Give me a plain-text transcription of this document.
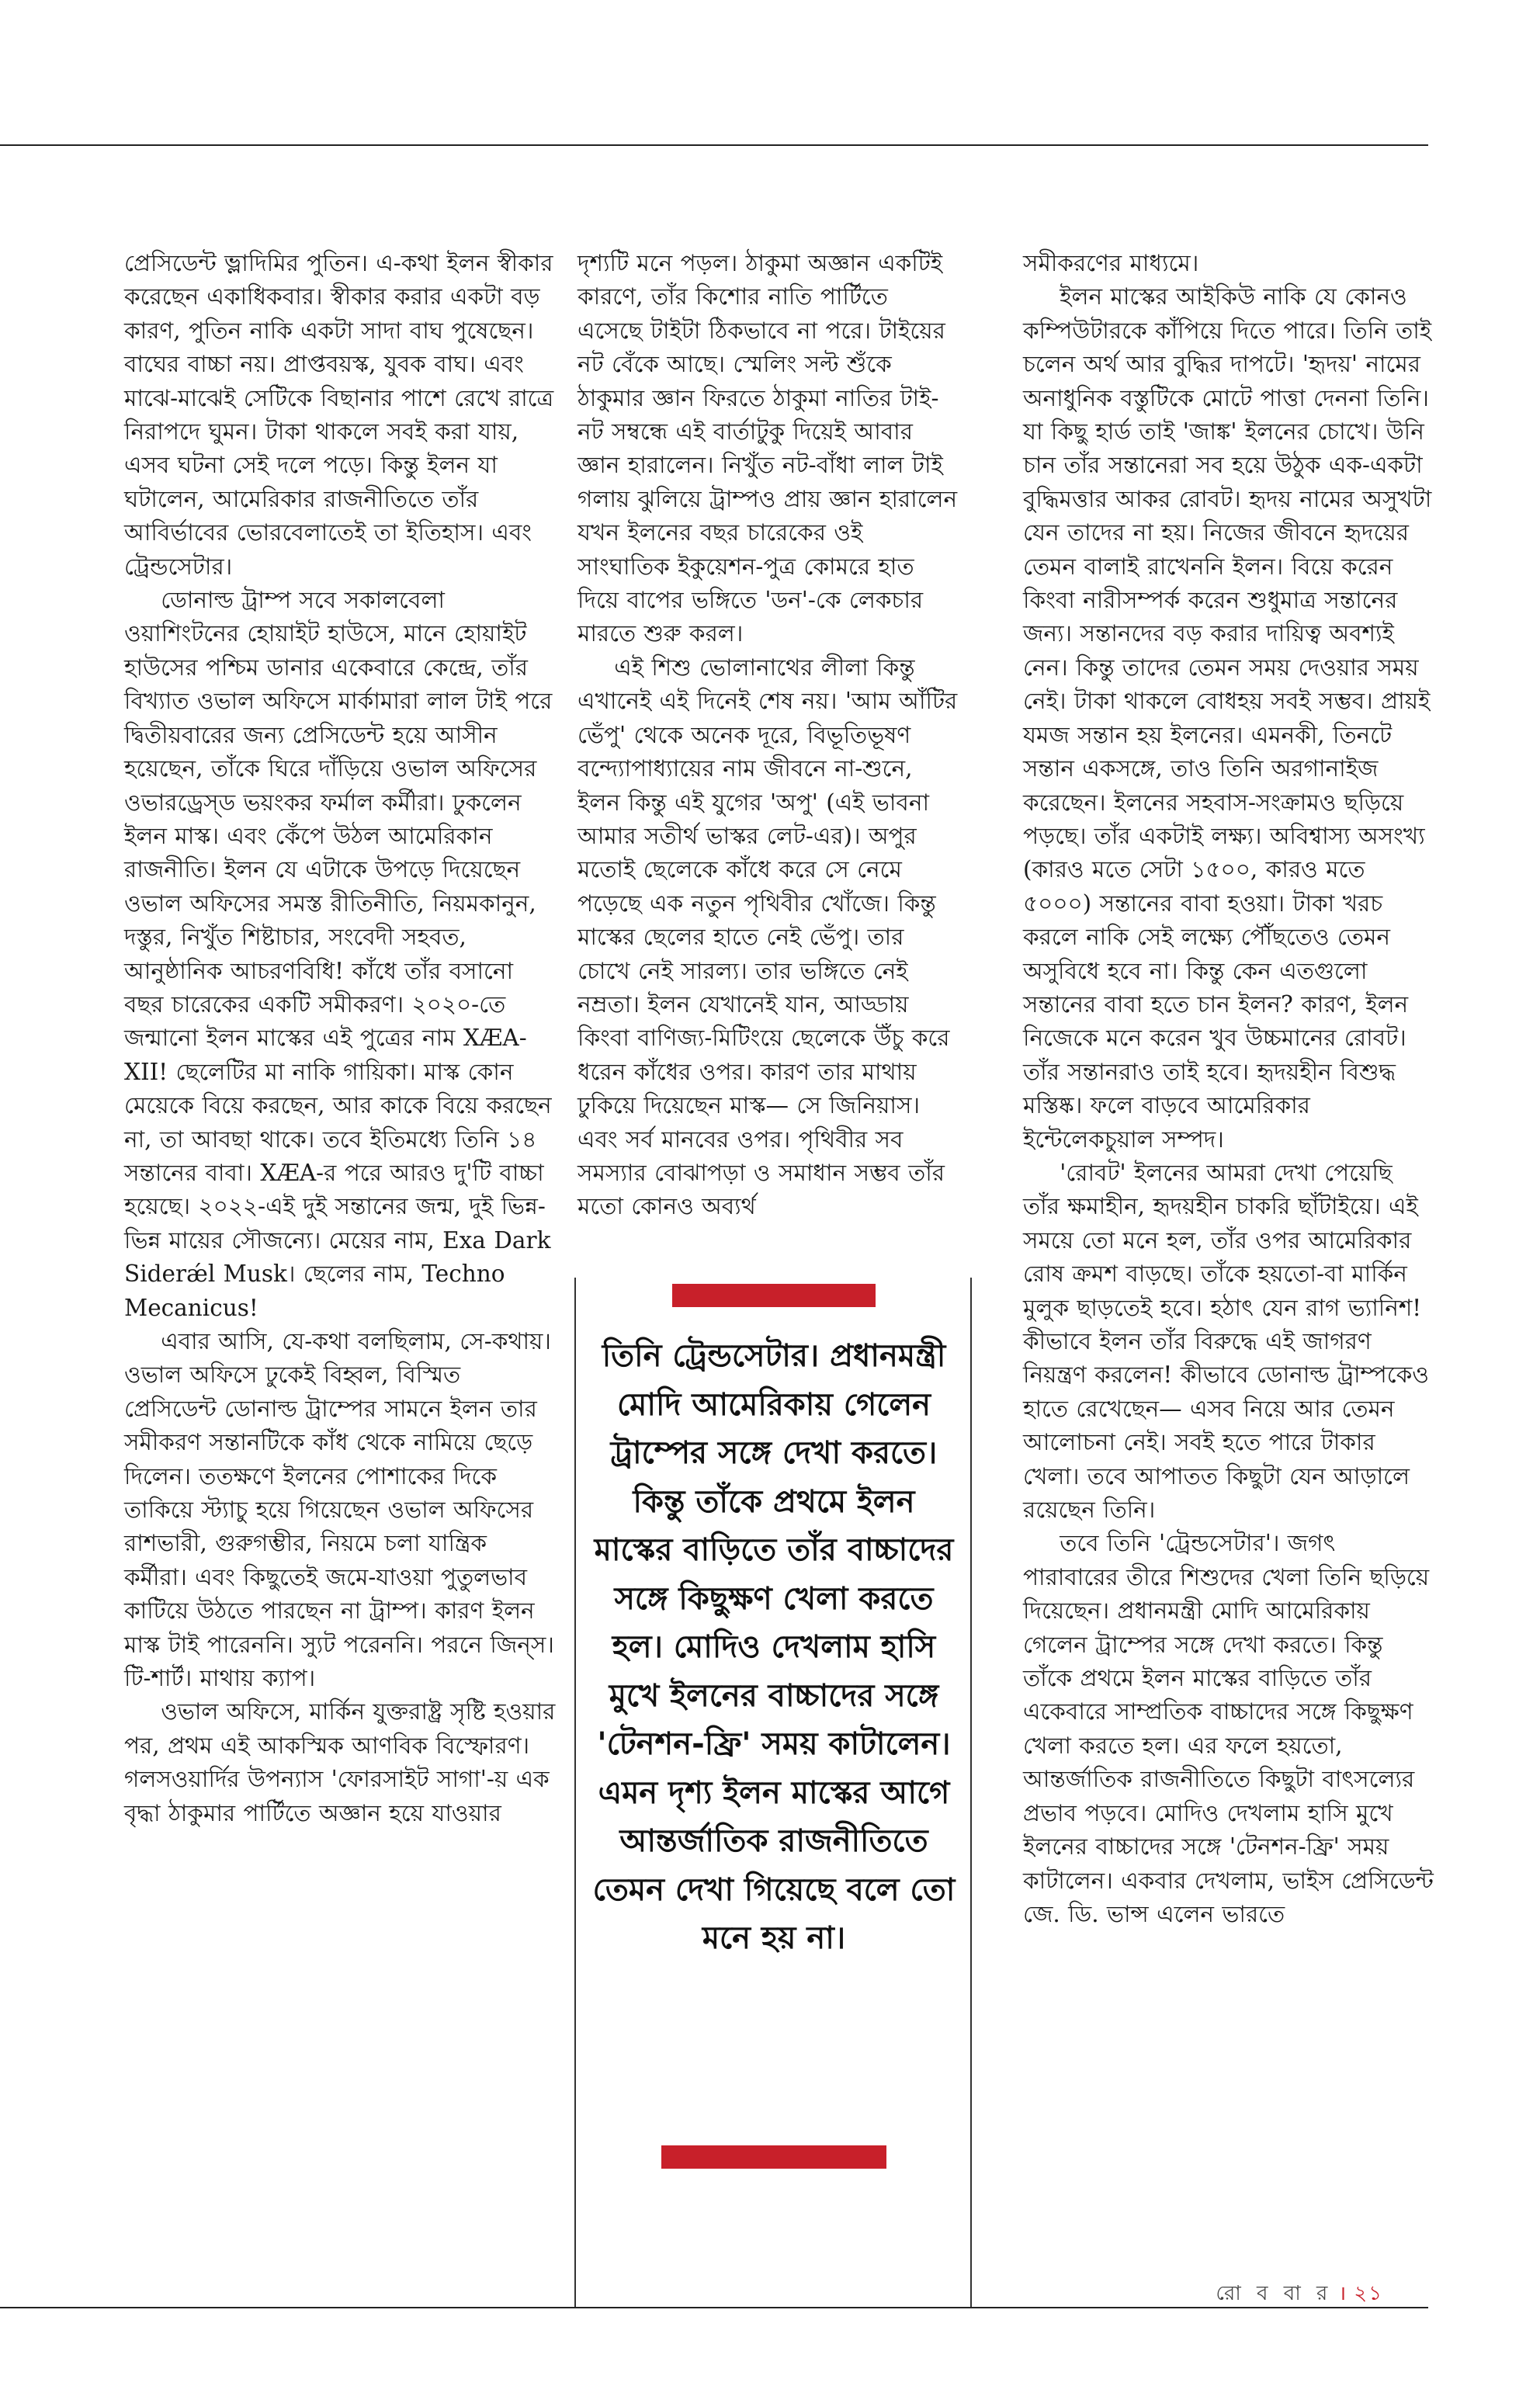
প্রেসিডেন্ট ভ্লাদিমির পুতিন। এ-কথা ইলন স্বীকার করেছেন একাধিকবার। স্বীকার করার একটা বড় কারণ, পুতিন নাকি একটা সাদা বাঘ পুষেছেন। বাঘের বাচ্চা নয়। প্রাপ্তবয়স্ক, যুবক বাঘ। এবং মাঝে-মাঝেই সেটিকে বিছানার পাশে রেখে রাত্রে নিরাপদে ঘুমন। টাকা থাকলে সবই করা যায়, এসব ঘটনা সেই দলে পড়ে। কিন্তু ইলন যা ঘটালেন, আমেরিকার রাজনীতিতে তাঁর আবির্ভাবের ভোরবেলাতেই তা ইতিহাস। এবং ট্রেন্ডসেটার।

ডোনাল্ড ট্রাম্প সবে সকালবেলা ওয়াশিংটনের হোয়াইট হাউসে, মানে হোয়াইট হাউসের পশ্চিম ডানার একেবারে কেন্দ্রে, তাঁর বিখ্যাত ওভাল অফিসে মার্কামারা লাল টাই পরে দ্বিতীয়বারের জন্য প্রেসিডেন্ট হয়ে আসীন হয়েছেন, তাঁকে ঘিরে দাঁড়িয়ে ওভাল অফিসের ওভারড্রেস্‌ড ভয়ংকর ফর্মাল কর্মীরা। ঢুকলেন ইলন মাস্ক। এবং কেঁপে উঠল আমেরিকান রাজনীতি। ইলন যে এটাকে উপড়ে দিয়েছেন ওভাল অফিসের সমস্ত রীতিনীতি, নিয়মকানুন, দস্তুর, নিখুঁত শিষ্টাচার, সংবেদী সহবত, আনুষ্ঠানিক আচরণবিধি! কাঁধে তাঁর বসানো বছর চারেকের একটি সমীকরণ। ২০২০-তে জন্মানো ইলন মাস্কের এই পুত্রের নাম XÆA-XII! ছেলেটির মা নাকি গায়িকা। মাস্ক কোন মেয়েকে বিয়ে করছেন, আর কাকে বিয়ে করছেন না, তা আবছা থাকে। তবে ইতিমধ্যে তিনি ১৪ সন্তানের বাবা। XÆA-র পরে আরও দু'টি বাচ্চা হয়েছে। ২০২২-এই দুই সন্তানের জন্ম, দুই ভিন্ন-ভিন্ন মায়ের সৌজন্যে। মেয়ের নাম, Exa Dark Siderǽl Musk। ছেলের নাম, Techno Mecanicus!

এবার আসি, যে-কথা বলছিলাম, সে-কথায়। ওভাল অফিসে ঢুকেই বিহ্বল, বিস্মিত প্রেসিডেন্ট ডোনাল্ড ট্রাম্পের সামনে ইলন তার সমীকরণ সন্তানটিকে কাঁধ থেকে নামিয়ে ছেড়ে দিলেন। ততক্ষণে ইলনের পোশাকের দিকে তাকিয়ে স্ট্যাচু হয়ে গিয়েছেন ওভাল অফিসের রাশভারী, গুরুগম্ভীর, নিয়মে চলা যান্ত্রিক কর্মীরা। এবং কিছুতেই জমে-যাওয়া পুতুলভাব কাটিয়ে উঠতে পারছেন না ট্রাম্প। কারণ ইলন মাস্ক টাই পারেননি। স্যুট পরেননি। পরনে জিন্‌স। টি-শার্ট। মাথায় ক্যাপ।

ওভাল অফিসে, মার্কিন যুক্তরাষ্ট্র সৃষ্টি হওয়ার পর, প্রথম এই আকস্মিক আণবিক বিস্ফোরণ। গলসওয়ার্দির উপন্যাস 'ফোরসাইট সাগা'-য় এক বৃদ্ধা ঠাকুমার পার্টিতে অজ্ঞান হয়ে যাওয়ার

দৃশ্যটি মনে পড়ল। ঠাকুমা অজ্ঞান একটিই কারণে, তাঁর কিশোর নাতি পার্টিতে এসেছে টাইটা ঠিকভাবে না পরে। টাইয়ের নট বেঁকে আছে। স্মেলিং সল্ট শুঁকে ঠাকুমার জ্ঞান ফিরতে ঠাকুমা নাতির টাই-নট সম্বন্ধে এই বার্তাটুকু দিয়েই আবার জ্ঞান হারালেন। নিখুঁত নট-বাঁধা লাল টাই গলায় ঝুলিয়ে ট্রাম্পও প্রায় জ্ঞান হারালেন যখন ইলনের বছর চারেকের ওই সাংঘাতিক ইকুয়েশন-পুত্র কোমরে হাত দিয়ে বাপের ভঙ্গিতে 'ডন'-কে লেকচার মারতে শুরু করল।

এই শিশু ভোলানাথের লীলা কিন্তু এখানেই এই দিনেই শেষ নয়। 'আম আঁটির ভেঁপু' থেকে অনেক দূরে, বিভূতিভূষণ বন্দ্যোপাধ্যায়ের নাম জীবনে না-শুনে, ইলন কিন্তু এই যুগের 'অপু' (এই ভাবনা আমার সতীর্থ ভাস্কর লেট-এর)। অপুর মতোই ছেলেকে কাঁধে করে সে নেমে পড়েছে এক নতুন পৃথিবীর খোঁজে। কিন্তু মাস্কের ছেলের হাতে নেই ভেঁপু। তার চোখে নেই সারল্য। তার ভঙ্গিতে নেই নম্রতা। ইলন যেখানেই যান, আড্ডায় কিংবা বাণিজ্য-মিটিংয়ে ছেলেকে উঁচু করে ধরেন কাঁধের ওপর। কারণ তার মাথায় ঢুকিয়ে দিয়েছেন মাস্ক— সে জিনিয়াস। এবং সর্ব মানবের ওপর। পৃথিবীর সব সমস্যার বোঝাপড়া ও সমাধান সম্ভব তাঁর মতো কোনও অব্যর্থ

সমীকরণের মাধ্যমে।

ইলন মাস্কের আইকিউ নাকি যে কোনও কম্পিউটারকে কাঁপিয়ে দিতে পারে। তিনি তাই চলেন অর্থ আর বুদ্ধির দাপটে। 'হৃদয়' নামের অনাধুনিক বস্তুটিকে মোটে পাত্তা দেননা তিনি। যা কিছু হার্ড তাই 'জাঙ্ক' ইলনের চোখে। উনি চান তাঁর সন্তানেরা সব হয়ে উঠুক এক-একটা বুদ্ধিমত্তার আকর রোবট। হৃদয় নামের অসুখটা যেন তাদের না হয়। নিজের জীবনে হৃদয়ের তেমন বালাই রাখেননি ইলন। বিয়ে করেন কিংবা নারীসম্পর্ক করেন শুধুমাত্র সন্তানের জন্য। সন্তানদের বড় করার দায়িত্ব অবশ্যই নেন। কিন্তু তাদের তেমন সময় দেওয়ার সময় নেই। টাকা থাকলে বোধহয় সবই সম্ভব। প্রায়ই যমজ সন্তান হয় ইলনের। এমনকী, তিনটে সন্তান একসঙ্গে, তাও তিনি অরগানাইজ করেছেন। ইলনের সহবাস-সংক্রামও ছড়িয়ে পড়ছে। তাঁর একটাই লক্ষ্য। অবিশ্বাস্য অসংখ্য (কারও মতে সেটা ১৫০০, কারও মতে ৫০০০) সন্তানের বাবা হওয়া। টাকা খরচ করলে নাকি সেই লক্ষ্যে পৌঁছতেও তেমন অসুবিধে হবে না। কিন্তু কেন এতগুলো সন্তানের বাবা হতে চান ইলন? কারণ, ইলন নিজেকে মনে করেন খুব উচ্চমানের রোবট। তাঁর সন্তানরাও তাই হবে। হৃদয়হীন বিশুদ্ধ মস্তিষ্ক। ফলে বাড়বে আমেরিকার ইন্টেলেকচুয়াল সম্পদ।

'রোবট' ইলনের আমরা দেখা পেয়েছি তাঁর ক্ষমাহীন, হৃদয়হীন চাকরি ছাঁটাইয়ে। এই সময়ে তো মনে হল, তাঁর ওপর আমেরিকার রোষ ক্রমশ বাড়ছে। তাঁকে হয়তো-বা মার্কিন মুলুক ছাড়তেই হবে। হঠাৎ যেন রাগ ভ্যানিশ! কীভাবে ইলন তাঁর বিরুদ্ধে এই জাগরণ নিয়ন্ত্রণ করলেন! কীভাবে ডোনাল্ড ট্রাম্পকেও হাতে রেখেছেন— এসব নিয়ে আর তেমন আলোচনা নেই। সবই হতে পারে টাকার খেলা। তবে আপাতত কিছুটা যেন আড়ালে রয়েছেন তিনি।

তবে তিনি 'ট্রেন্ডসেটার'। জগৎ পারাবারের তীরে শিশুদের খেলা তিনি ছড়িয়ে দিয়েছেন। প্রধানমন্ত্রী মোদি আমেরিকায় গেলেন ট্রাম্পের সঙ্গে দেখা করতে। কিন্তু তাঁকে প্রথমে ইলন মাস্কের বাড়িতে তাঁর একেবারে সাম্প্রতিক বাচ্চাদের সঙ্গে কিছুক্ষণ খেলা করতে হল। এর ফলে হয়তো, আন্তর্জাতিক রাজনীতিতে কিছুটা বাৎসল্যের প্রভাব পড়বে। মোদিও দেখলাম হাসি মুখে ইলনের বাচ্চাদের সঙ্গে 'টেনশন-ফ্রি' সময় কাটালেন। একবার দেখলাম, ভাইস প্রেসিডেন্ট জে. ডি. ভান্স এলেন ভারতে

তিনি ট্রেন্ডসেটার। প্রধানমন্ত্রী মোদি আমেরিকায় গেলেন ট্রাম্পের সঙ্গে দেখা করতে। কিন্তু তাঁকে প্রথমে ইলন মাস্কের বাড়িতে তাঁর বাচ্চাদের সঙ্গে কিছুক্ষণ খেলা করতে হল। মোদিও দেখলাম হাসি মুখে ইলনের বাচ্চাদের সঙ্গে 'টেনশন-ফ্রি' সময় কাটালেন। এমন দৃশ্য ইলন মাস্কের আগে আন্তর্জাতিক রাজনীতিতে তেমন দেখা গিয়েছে বলে তো মনে হয় না।
রো ব বা র । ২১
